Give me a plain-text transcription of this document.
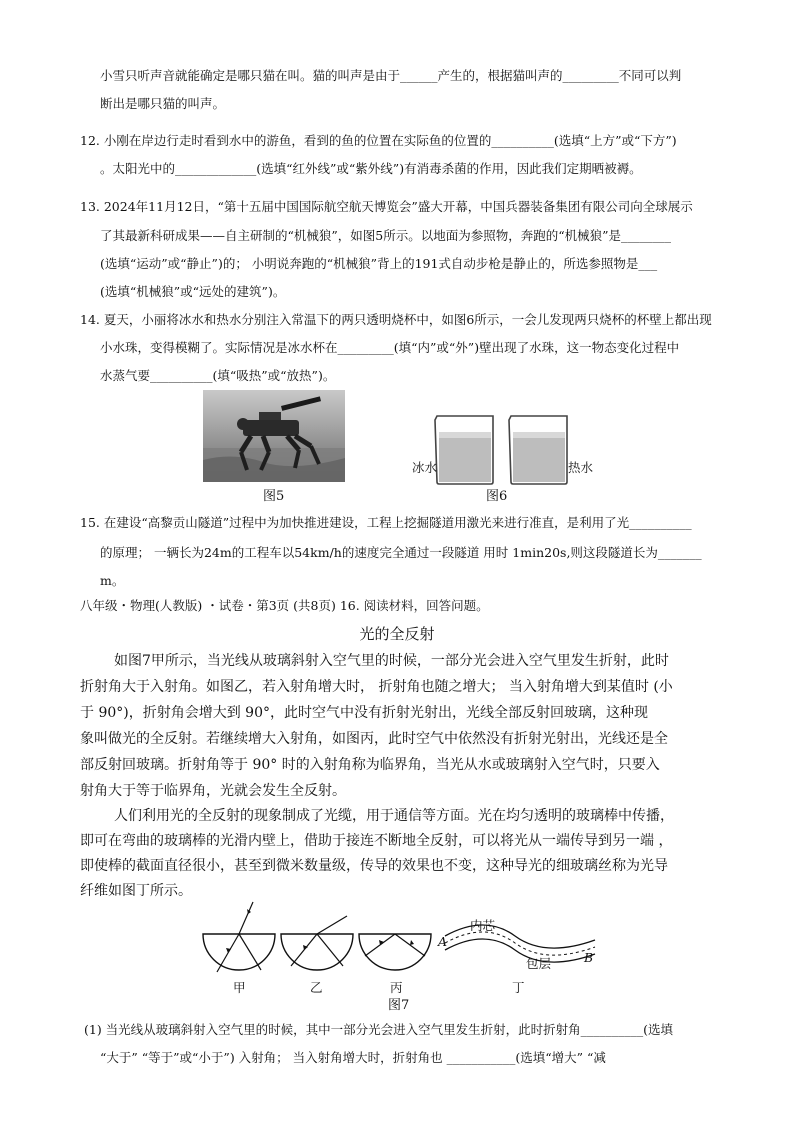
小雪只听声音就能确定是哪只猫在叫。猫的叫声是由于______产生的，根据猫叫声的_________不同可以判
断出是哪只猫的叫声。
12. 小刚在岸边行走时看到水中的游鱼，看到的鱼的位置在实际鱼的位置的__________(选填“上方”或“下方”)
。太阳光中的_____________(选填“红外线”或“紫外线”)有消毒杀菌的作用，因此我们定期晒被褥。
13. 2024年11月12日，“第十五届中国国际航空航天博览会”盛大开幕，中国兵器装备集团有限公司向全球展示
了其最新科研成果——自主研制的“机械狼”，如图5所示。以地面为参照物，奔跑的“机械狼”是________
(选填“运动”或“静止”)的； 小明说奔跑的“机械狼”背上的191式自动步枪是静止的，所选参照物是___
(选填“机械狼”或“远处的建筑”)。
14. 夏天，小丽将冰水和热水分别注入常温下的两只透明烧杯中，如图6所示，一会儿发现两只烧杯的杯壁上都出现
小水珠，变得模糊了。实际情况是冰水杯在_________(填“内”或“外”)壁出现了水珠，这一物态变化过程中
水蒸气要__________(填“吸热”或“放热”)。
图5
冰水	热水
图6
15. 在建设“高黎贡山隧道”过程中为加快推进建设，工程上挖掘隧道用激光来进行准直，是利用了光__________
的原理； 一辆长为24m的工程车以54km/h的速度完全通过一段隧道 用时 1min20s,则这段隧道长为_______
m。
八年级・物理(人教版) ・试卷・第3页 (共8页) 16. 阅读材料，回答问题。
光的全反射
如图7甲所示，当光线从玻璃斜射入空气里的时候，一部分光会进入空气里发生折射，此时
折射角大于入射角。如图乙，若入射角增大时， 折射角也随之增大； 当入射角增大到某值时 (小
于 90°)，折射角会增大到 90°，此时空气中没有折射光射出，光线全部反射回玻璃，这种现
象叫做光的全反射。若继续增大入射角，如图丙，此时空气中依然没有折射光射出，光线还是全
部反射回玻璃。折射角等于 90° 时的入射角称为临界角，当光从水或玻璃射入空气时，只要入
射角大于等于临界角，光就会发生全反射。
人们利用光的全反射的现象制成了光缆，用于通信等方面。光在均匀透明的玻璃棒中传播，
即可在弯曲的玻璃棒的光滑内壁上，借助于接连不断地全反射，可以将光从一端传导到另一端 ，
即使棒的截面直径很小，甚至到微米数量级，传导的效果也不变，这种导光的细玻璃丝称为光导
纤维如图丁所示。
A
B
内芯
包层
甲	乙	丙	丁
图7
(1) 当光线从玻璃斜射入空气里的时候，其中一部分光会进入空气里发生折射，此时折射角__________(选填
“大于” “等于”或“小于”) 入射角； 当入射角增大时，折射角也 ___________(选填“增大” “减
